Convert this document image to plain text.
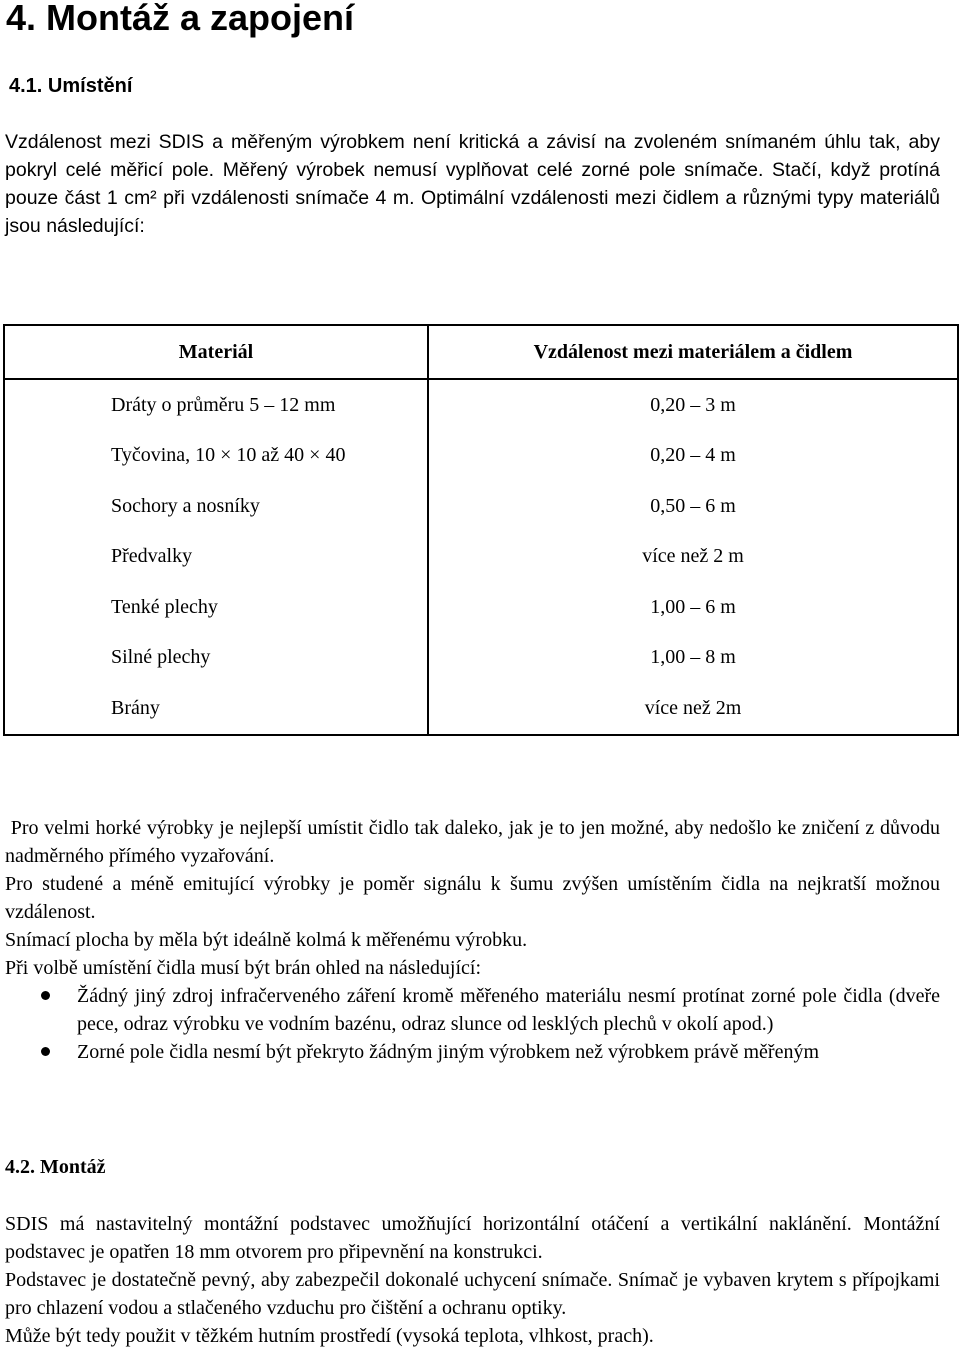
4. Montáž a zapojení
4.1. Umístění

Vzdálenost mezi SDIS a měřeným výrobkem není kritická a závisí na zvoleném snímaném úhlu tak, aby pokryl celé měřicí pole. Měřený výrobek nemusí vyplňovat celé zorné pole snímače. Stačí, když protíná pouze část 1 cm² při vzdálenosti snímače 4 m. Optimální vzdálenosti mezi čidlem a různými typy materiálů jsou následující:

Materiál	Vzdálenost mezi materiálem a čidlem
Dráty o průměru 5 – 12 mm	0,20 – 3 m
Tyčovina, 10 × 10 až 40 × 40	0,20 – 4 m
Sochory a nosníky	0,50 – 6 m
Předvalky	více než 2 m
Tenké plechy	1,00 – 6 m
Silné plechy	1,00 – 8 m
Brány	více než 2m

Pro velmi horké výrobky je nejlepší umístit čidlo tak daleko, jak je to jen možné, aby nedošlo ke zničení z důvodu nadměrného přímého vyzařování.

Pro studené a méně emitující výrobky je poměr signálu k šumu zvýšen umístěním čidla na nejkratší možnou vzdálenost.

Snímací plocha by měla být ideálně kolmá k měřenému výrobku.

Při volbě umístění čidla musí být brán ohled na následující:

Žádný jiný zdroj infračerveného záření kromě měřeného materiálu nesmí protínat zorné pole čidla (dveře pece, odraz výrobku ve vodním bazénu, odraz slunce od lesklých plechů v okolí apod.)
Zorné pole čidla nesmí být překryto žádným jiným výrobkem než výrobkem právě měřeným
4.2. Montáž

SDIS má nastavitelný montážní podstavec umožňující horizontální otáčení a vertikální naklánění. Montážní podstavec je opatřen 18 mm otvorem pro připevnění na konstrukci.

Podstavec je dostatečně pevný, aby zabezpečil dokonalé uchycení snímače. Snímač je vybaven krytem s přípojkami pro chlazení vodou a stlačeného vzduchu pro čištění a ochranu optiky.

Může být tedy použit v těžkém hutním prostředí (vysoká teplota, vlhkost, prach).
